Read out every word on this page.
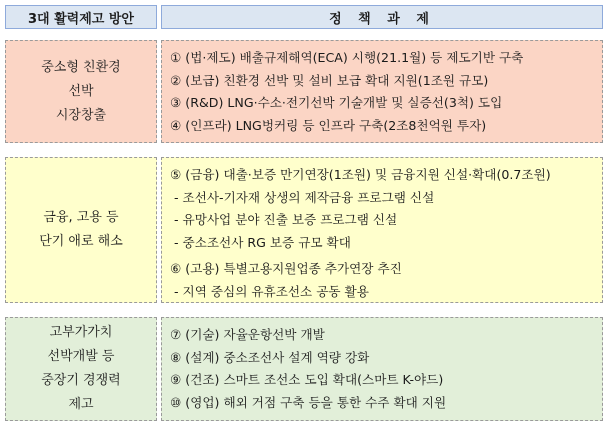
3대 활력제고 방안	정 책 과 제
중소형 친환경
선박
시장창출
① (법·제도) 배출규제해역(ECA) 시행(21.1월) 등 제도기반 구축
② (보급) 친환경 선박 및 설비 보급 확대 지원(1조원 규모)
③ (R&D) LNG·수소·전기선박 기술개발 및 실증선(3척) 도입
④ (인프라) LNG벙커링 등 인프라 구축(2조8천억원 투자)
금융, 고용 등
단기 애로 해소
⑤ (금융) 대출·보증 만기연장(1조원) 및 금융지원 신설·확대(0.7조원)
- 조선사-기자재 상생의 제작금융 프로그램 신설
- 유망사업 분야 진출 보증 프로그램 신설
- 중소조선사 RG 보증 규모 확대
⑥ (고용) 특별고용지원업종 추가연장 추진
- 지역 중심의 유휴조선소 공동 활용
고부가가치
선박개발 등
중장기 경쟁력
제고
⑦ (기술) 자율운항선박 개발
⑧ (설계) 중소조선사 설계 역량 강화
⑨ (건조) 스마트 조선소 도입 확대(스마트 K-야드)
⑩ (영업) 해외 거점 구축 등을 통한 수주 확대 지원
